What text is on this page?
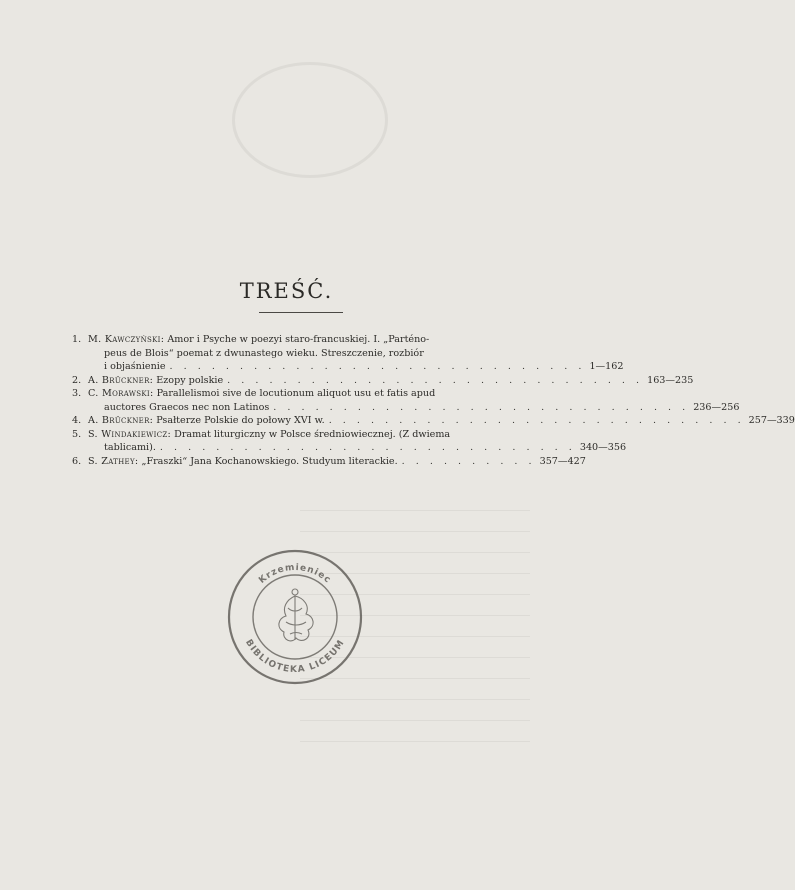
TREŚĆ.
1. M. Kawczyński:
Amor i Psyche w poezyi staro-francuskiej. I. „Parténo-
peus de Blois“ poemat z dwunastego wieku. Streszczenie, rozbiór
i objaśnienie . . . . . . . . . . . . . . . . . . . . . . . . . . . . . . 1—162
2. A. Brückner:
Ezopy polskie . . . . . . . . . . . . . . . . . . . . . . . . . . . . . . 163—235
3. C. Morawski:
Parallelismoi sive de locutionum aliquot usu et fatis apud
auctores Graecos nec non Latinos . . . . . . . . . . . . . . . . . . . . . . . . . . . . . . 236—256
4. A. Brückner:
Psałterze Polskie do połowy XVI w. . . . . . . . . . . . . . . . . . . . . . . . . . . . . . . 257—339
5. S. Windakiewicz:
Dramat liturgiczny w Polsce średniowiecznej. (Z dwiema
tablicami). . . . . . . . . . . . . . . . . . . . . . . . . . . . . . . 340—356
6. S. Zathey:
„Fraszki“ Jana Kochanowskiego. Studyum literackie. . . . . . . . . . . 357—427
Krzemieniec
BIBLIOTEKA LICEUM
